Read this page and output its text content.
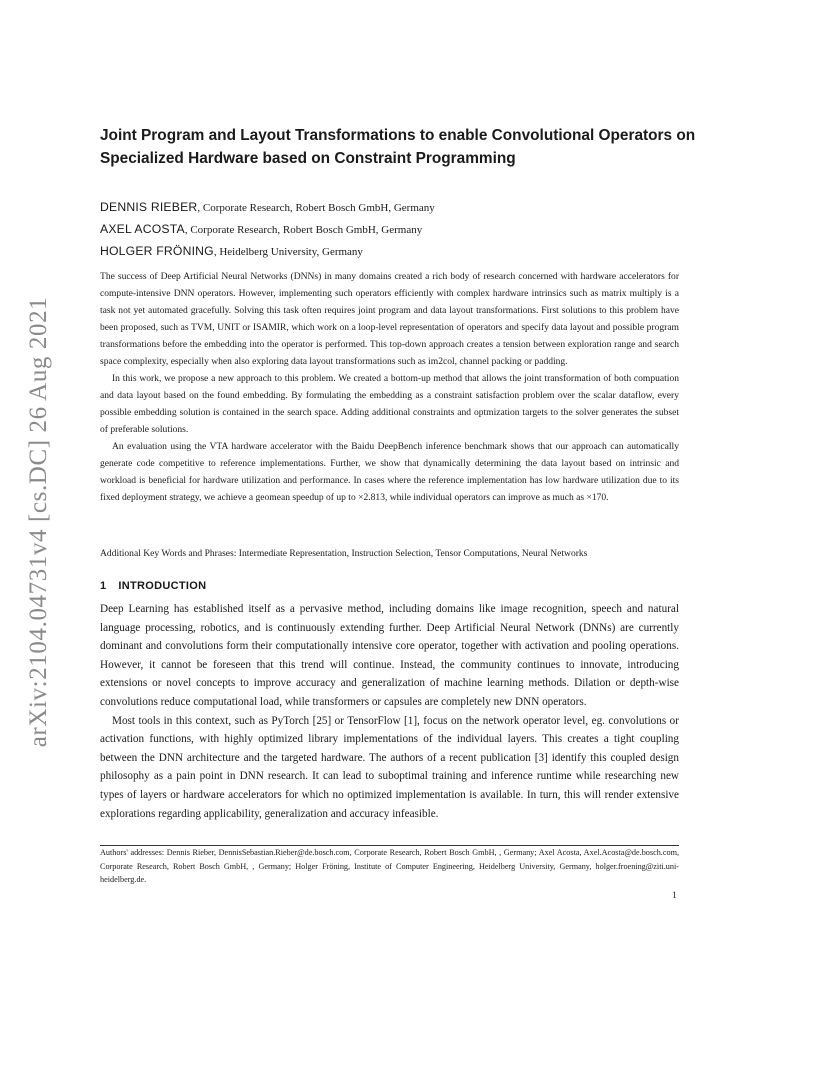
arXiv:2104.04731v4 [cs.DC] 26 Aug 2021
Joint Program and Layout Transformations to enable Convolutional Operators on Specialized Hardware based on Constraint Programming
DENNIS RIEBER, Corporate Research, Robert Bosch GmbH, Germany
AXEL ACOSTA, Corporate Research, Robert Bosch GmbH, Germany
HOLGER FRÖNING, Heidelberg University, Germany

The success of Deep Artificial Neural Networks (DNNs) in many domains created a rich body of research concerned with hardware accelerators for compute-intensive DNN operators. However, implementing such operators efficiently with complex hardware intrinsics such as matrix multiply is a task not yet automated gracefully. Solving this task often requires joint program and data layout transformations. First solutions to this problem have been proposed, such as TVM, UNIT or ISAMIR, which work on a loop-level representation of operators and specify data layout and possible program transformations before the embedding into the operator is performed. This top-down approach creates a tension between exploration range and search space complexity, especially when also exploring data layout transformations such as im2col, channel packing or padding.

In this work, we propose a new approach to this problem. We created a bottom-up method that allows the joint transformation of both compuation and data layout based on the found embedding. By formulating the embedding as a constraint satisfaction problem over the scalar dataflow, every possible embedding solution is contained in the search space. Adding additional constraints and optmization targets to the solver generates the subset of preferable solutions.

An evaluation using the VTA hardware accelerator with the Baidu DeepBench inference benchmark shows that our approach can automatically generate code competitive to reference implementations. Further, we show that dynamically determining the data layout based on intrinsic and workload is beneficial for hardware utilization and performance. In cases where the reference implementation has low hardware utilization due to its fixed deployment strategy, we achieve a geomean speedup of up to ×2.813, while individual operators can improve as much as ×170.

Additional Key Words and Phrases: Intermediate Representation, Instruction Selection, Tensor Computations, Neural Networks
1 INTRODUCTION

Deep Learning has established itself as a pervasive method, including domains like image recognition, speech and natural language processing, robotics, and is continuously extending further. Deep Artificial Neural Network (DNNs) are currently dominant and convolutions form their computationally intensive core operator, together with activation and pooling operations. However, it cannot be foreseen that this trend will continue. Instead, the community continues to innovate, introducing extensions or novel concepts to improve accuracy and generalization of machine learning methods. Dilation or depth-wise convolutions reduce computational load, while transformers or capsules are completely new DNN operators.

Most tools in this context, such as PyTorch [25] or TensorFlow [1], focus on the network operator level, eg. convolutions or activation functions, with highly optimized library implementations of the individual layers. This creates a tight coupling between the DNN architecture and the targeted hardware. The authors of a recent publication [3] identify this coupled design philosophy as a pain point in DNN research. It can lead to suboptimal training and inference runtime while researching new types of layers or hardware accelerators for which no optimized implementation is available. In turn, this will render extensive explorations regarding applicability, generalization and accuracy infeasible.

Authors' addresses: Dennis Rieber, DennisSebastian.Rieber@de.bosch.com, Corporate Research, Robert Bosch GmbH, , Germany; Axel Acosta, Axel.Acosta@de.bosch.com, Corporate Research, Robert Bosch GmbH, , Germany; Holger Fröning, Institute of Computer Engineering, Heidelberg University, Germany, holger.froening@ziti.uni-heidelberg.de.
1
